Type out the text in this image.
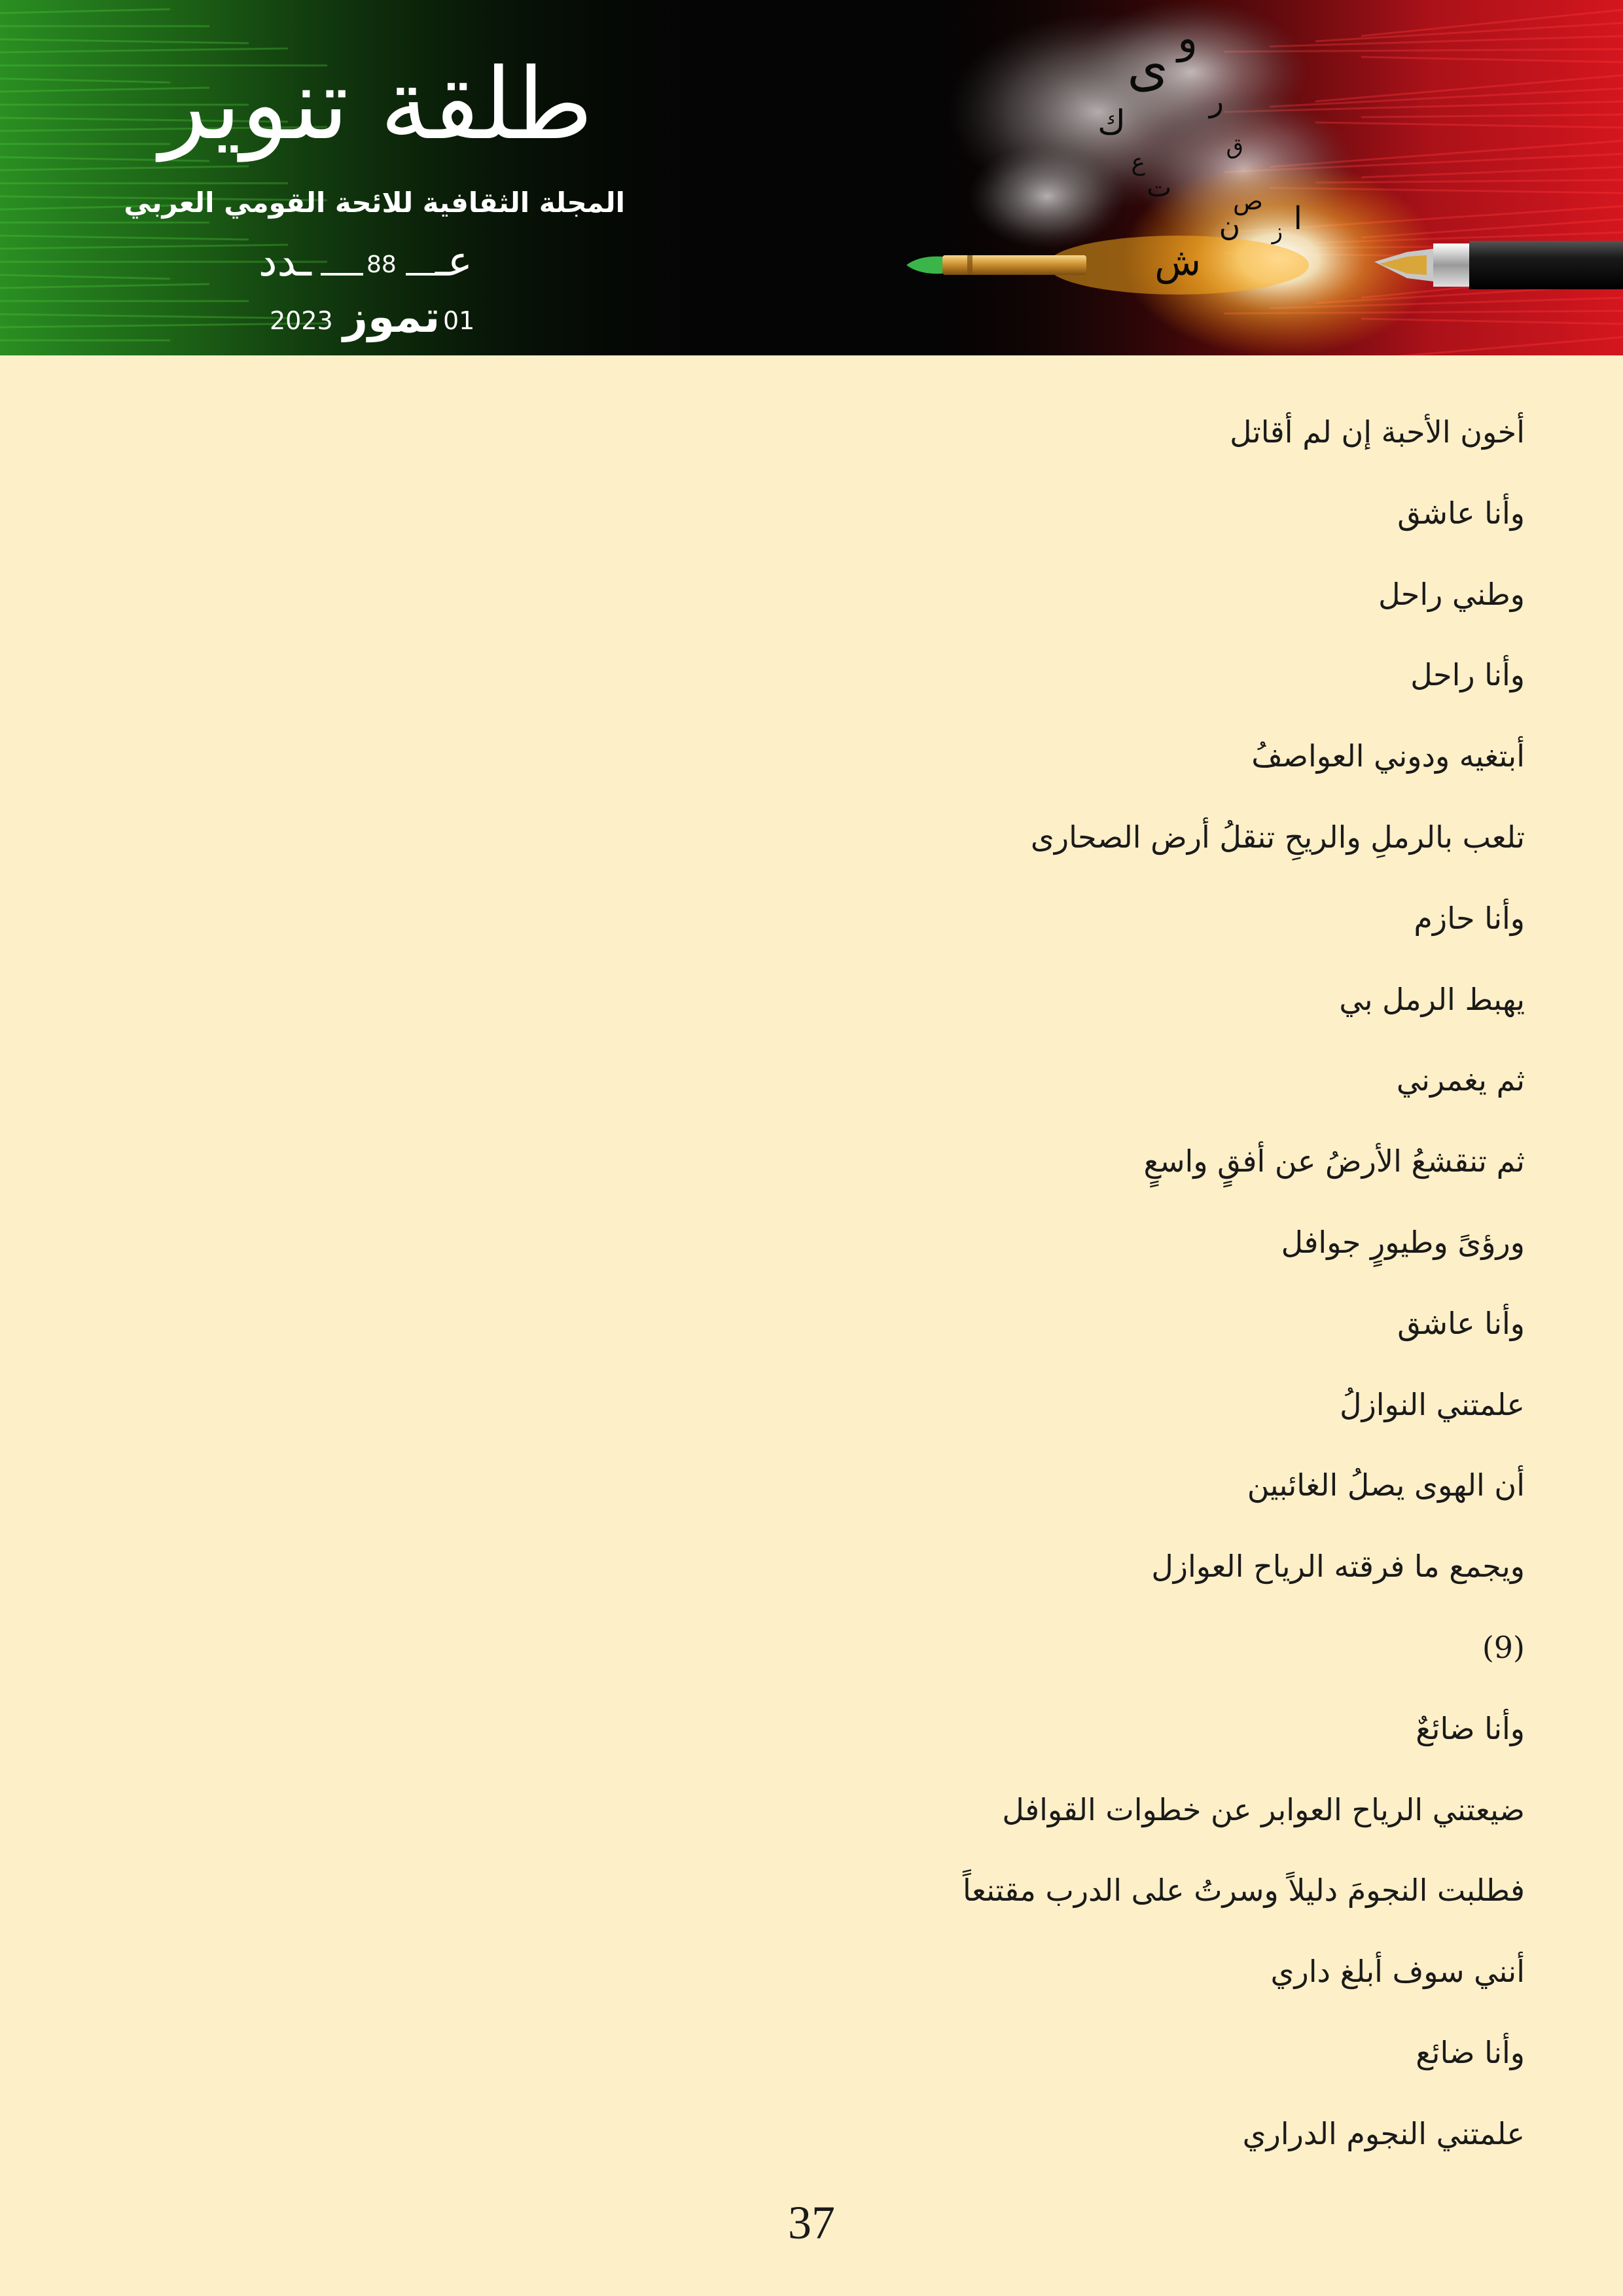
ى و
ك
ر
ش
ن
ص
ت
ز
ع
ق
ا
طلقة تنوير
المجلة الثقافية للائحة القومي العربي
ـدد 88 عـ
2023 تموز 01
أخون الأحبة إن لم أقاتل
وأنا عاشق
وطني راحل
وأنا راحل
أبتغيه ودوني العواصفُ
تلعب بالرملِ والريحِ تنقلُ أرض الصحارى
وأنا حازم
يهبط الرمل بي
ثم يغمرني
ثم تنقشعُ الأرضُ عن أفقٍ واسعٍ
ورؤىً وطيورٍ جوافل
وأنا عاشق
علمتني النوازلُ
أن الهوى يصلُ الغائبين
ويجمع ما فرقته الرياح العوازل
(9)
وأنا ضائعٌ
ضيعتني الرياح العوابر عن خطوات القوافل
فطلبت النجومَ دليلاً وسرتُ على الدرب مقتنعاً
أنني سوف أبلغ داري
وأنا ضائع
علمتني النجوم الدراري
37
